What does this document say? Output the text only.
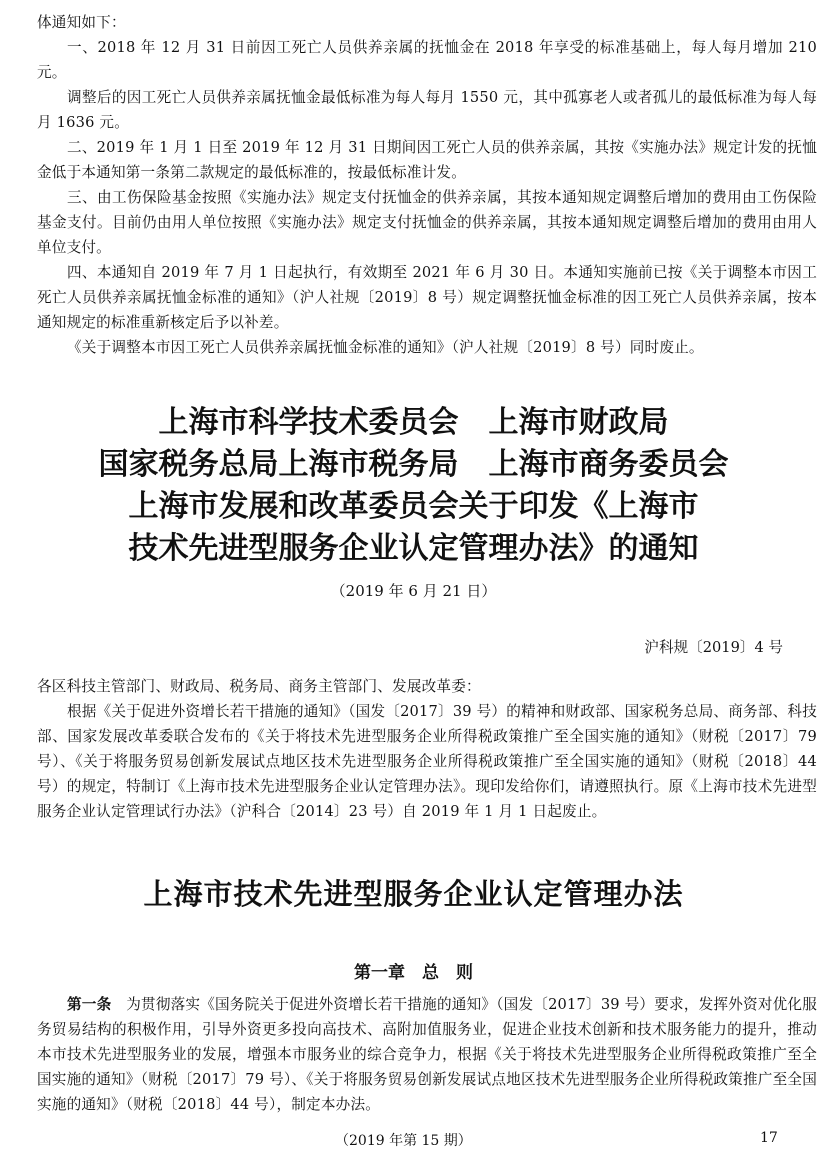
体通知如下：

一、2018 年 12 月 31 日前因工死亡人员供养亲属的抚恤金在 2018 年享受的标准基础上，每人每月增加 210 元。

调整后的因工死亡人员供养亲属抚恤金最低标准为每人每月 1550 元，其中孤寡老人或者孤儿的最低标准为每人每月 1636 元。

二、2019 年 1 月 1 日至 2019 年 12 月 31 日期间因工死亡人员的供养亲属，其按《实施办法》规定计发的抚恤金低于本通知第一条第二款规定的最低标准的，按最低标准计发。

三、由工伤保险基金按照《实施办法》规定支付抚恤金的供养亲属，其按本通知规定调整后增加的费用由工伤保险基金支付。目前仍由用人单位按照《实施办法》规定支付抚恤金的供养亲属，其按本通知规定调整后增加的费用由用人单位支付。

四、本通知自 2019 年 7 月 1 日起执行，有效期至 2021 年 6 月 30 日。本通知实施前已按《关于调整本市因工死亡人员供养亲属抚恤金标准的通知》（沪人社规〔2019〕8 号）规定调整抚恤金标准的因工死亡人员供养亲属，按本通知规定的标准重新核定后予以补差。

《关于调整本市因工死亡人员供养亲属抚恤金标准的通知》（沪人社规〔2019〕8 号）同时废止。

上海市科学技术委员会　上海市财政局
国家税务总局上海市税务局　上海市商务委员会
上海市发展和改革委员会关于印发《上海市
技术先进型服务企业认定管理办法》的通知
（2019 年 6 月 21 日）
沪科规〔2019〕4 号

各区科技主管部门、财政局、税务局、商务主管部门、发展改革委：

根据《关于促进外资增长若干措施的通知》（国发〔2017〕39 号）的精神和财政部、国家税务总局、商务部、科技部、国家发展改革委联合发布的《关于将技术先进型服务企业所得税政策推广至全国实施的通知》（财税〔2017〕79 号）、《关于将服务贸易创新发展试点地区技术先进型服务企业所得税政策推广至全国实施的通知》（财税〔2018〕44 号）的规定，特制订《上海市技术先进型服务企业认定管理办法》。现印发给你们，请遵照执行。原《上海市技术先进型服务企业认定管理试行办法》（沪科合〔2014〕23 号）自 2019 年 1 月 1 日起废止。

上海市技术先进型服务企业认定管理办法
第一章　总　则

第一条　 为贯彻落实《国务院关于促进外资增长若干措施的通知》（国发〔2017〕39 号）要求，发挥外资对优化服务贸易结构的积极作用，引导外资更多投向高技术、高附加值服务业，促进企业技术创新和技术服务能力的提升，推动本市技术先进型服务业的发展，增强本市服务业的综合竞争力，根据《关于将技术先进型服务企业所得税政策推广至全国实施的通知》（财税〔2017〕79 号）、《关于将服务贸易创新发展试点地区技术先进型服务企业所得税政策推广至全国实施的通知》（财税〔2018〕44 号），制定本办法。

（2019 年第 15 期）	17
